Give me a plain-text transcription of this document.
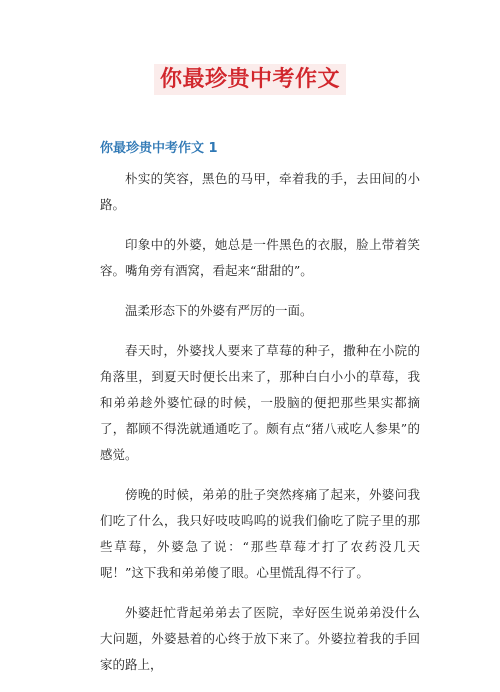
你最珍贵中考作文
你最珍贵中考作文 1

朴实的笑容，黑色的马甲，牵着我的手，去田间的小路。

印象中的外婆，她总是一件黑色的衣服，脸上带着笑容。嘴角旁有酒窝，看起来“甜甜的”。

温柔形态下的外婆有严厉的一面。

春天时，外婆找人要来了草莓的种子，撒种在小院的角落里，到夏天时便长出来了，那种白白小小的草莓，我和弟弟趁外婆忙碌的时候，一股脑的便把那些果实都摘了，都顾不得洗就通通吃了。颇有点“猪八戒吃人参果”的感觉。

傍晚的时候，弟弟的肚子突然疼痛了起来，外婆问我们吃了什么，我只好吱吱呜呜的说我们偷吃了院子里的那些草莓，外婆急了说：“那些草莓才打了农药没几天呢！”这下我和弟弟傻了眼。心里慌乱得不行了。

外婆赶忙背起弟弟去了医院，幸好医生说弟弟没什么大问题，外婆悬着的心终于放下来了。外婆拉着我的手回家的路上，
